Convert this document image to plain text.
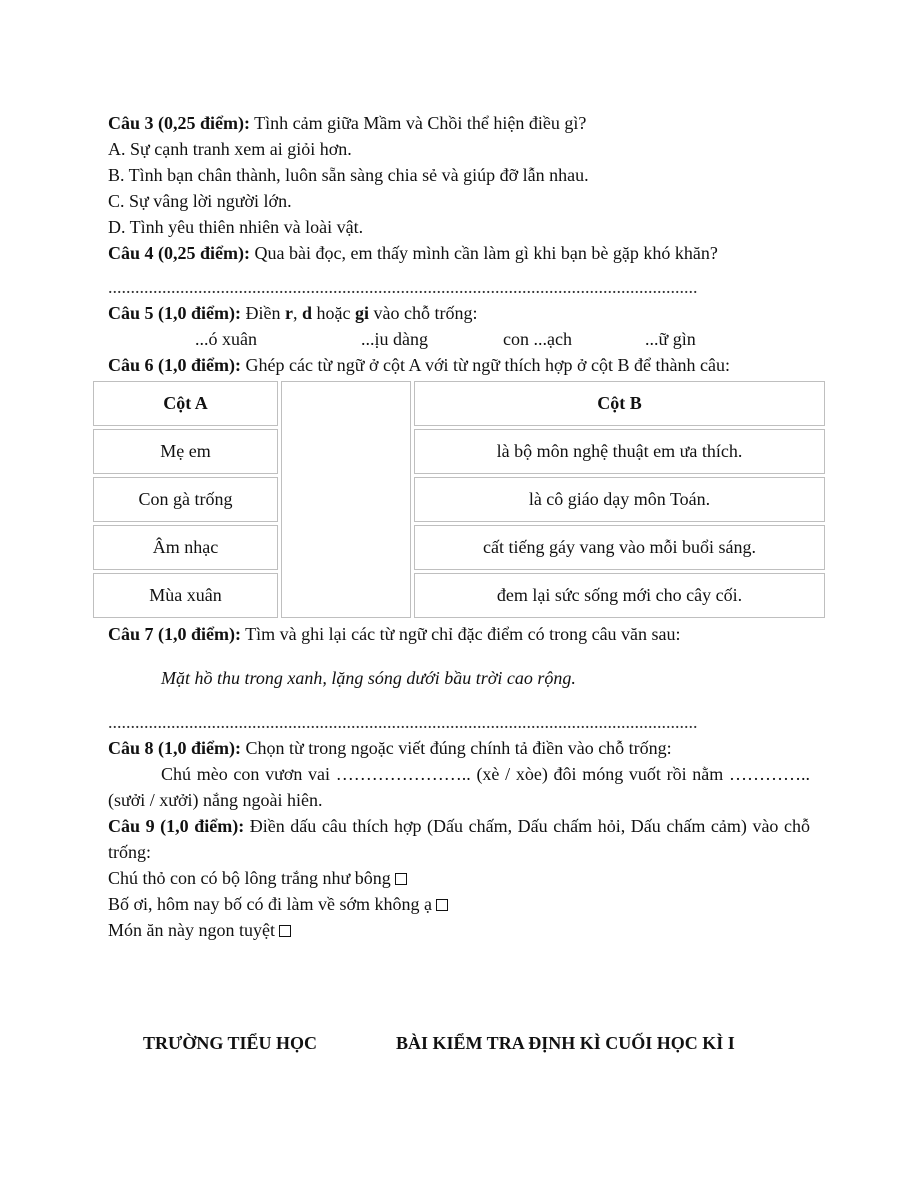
Câu 3 (0,25 điểm): Tình cảm giữa Mầm và Chồi thể hiện điều gì?

A. Sự cạnh tranh xem ai giỏi hơn.

B. Tình bạn chân thành, luôn sẵn sàng chia sẻ và giúp đỡ lẫn nhau.

C. Sự vâng lời người lớn.

D. Tình yêu thiên nhiên và loài vật.

Câu 4 (0,25 điểm): Qua bài đọc, em thấy mình cần làm gì khi bạn bè gặp khó khăn?

...................................................................................................................................

Câu 5 (1,0 điểm): Điền r, d hoặc gi vào chỗ trống:

...ó xuân	...ịu dàng	con ...ạch	...ữ gìn

Câu 6 (1,0 điểm): Ghép các từ ngữ ở cột A với từ ngữ thích hợp ở cột B để thành câu:

Cột A		Cột B
Mẹ em		là bộ môn nghệ thuật em ưa thích.
Con gà trống		là cô giáo dạy môn Toán.
Âm nhạc		cất tiếng gáy vang vào mỗi buổi sáng.
Mùa xuân		đem lại sức sống mới cho cây cối.

Câu 7 (1,0 điểm): Tìm và ghi lại các từ ngữ chỉ đặc điểm có trong câu văn sau:

Mặt hồ thu trong xanh, lặng sóng dưới bầu trời cao rộng.

...................................................................................................................................

Câu 8 (1,0 điểm): Chọn từ trong ngoặc viết đúng chính tả điền vào chỗ trống:

Chú mèo con vươn vai ………………….. (xè / xòe) đôi móng vuốt rồi nằm ………….. (sưởi / xưởi) nắng ngoài hiên.

Câu 9 (1,0 điểm): Điền dấu câu thích hợp (Dấu chấm, Dấu chấm hỏi, Dấu chấm cảm) vào chỗ trống:

Chú thỏ con có bộ lông trắng như bông

Bố ơi, hôm nay bố có đi làm về sớm không ạ

Món ăn này ngon tuyệt

TRƯỜNG TIỂU HỌC	BÀI KIỂM TRA ĐỊNH KÌ CUỐI HỌC KÌ I
